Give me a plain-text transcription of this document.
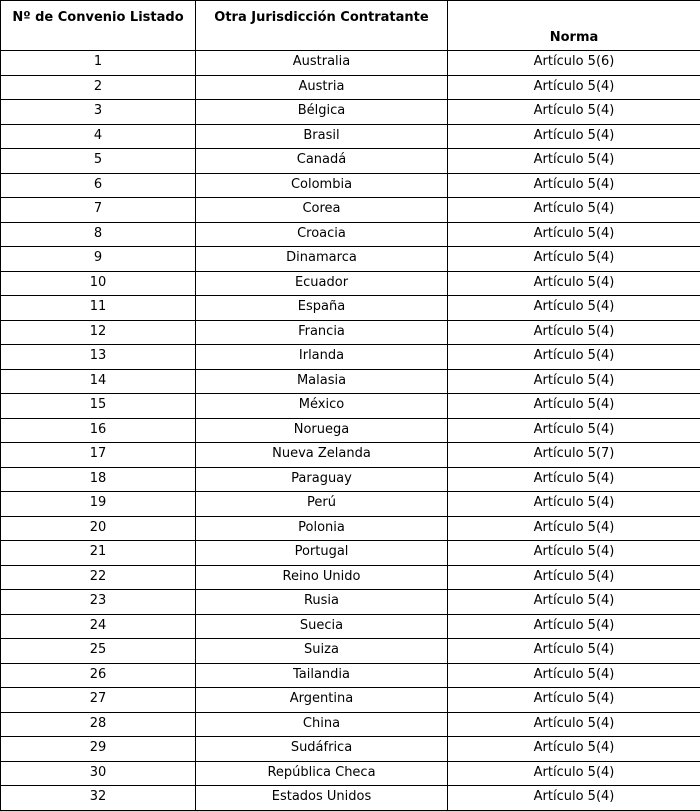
Nº de Convenio Listado	Otra Jurisdicción Contratante	Norma
1	Australia	Artículo 5(6)
2	Austria	Artículo 5(4)
3	Bélgica	Artículo 5(4)
4	Brasil	Artículo 5(4)
5	Canadá	Artículo 5(4)
6	Colombia	Artículo 5(4)
7	Corea	Artículo 5(4)
8	Croacia	Artículo 5(4)
9	Dinamarca	Artículo 5(4)
10	Ecuador	Artículo 5(4)
11	España	Artículo 5(4)
12	Francia	Artículo 5(4)
13	Irlanda	Artículo 5(4)
14	Malasia	Artículo 5(4)
15	México	Artículo 5(4)
16	Noruega	Artículo 5(4)
17	Nueva Zelanda	Artículo 5(7)
18	Paraguay	Artículo 5(4)
19	Perú	Artículo 5(4)
20	Polonia	Artículo 5(4)
21	Portugal	Artículo 5(4)
22	Reino Unido	Artículo 5(4)
23	Rusia	Artículo 5(4)
24	Suecia	Artículo 5(4)
25	Suiza	Artículo 5(4)
26	Tailandia	Artículo 5(4)
27	Argentina	Artículo 5(4)
28	China	Artículo 5(4)
29	Sudáfrica	Artículo 5(4)
30	República Checa	Artículo 5(4)
32	Estados Unidos	Artículo 5(4)
